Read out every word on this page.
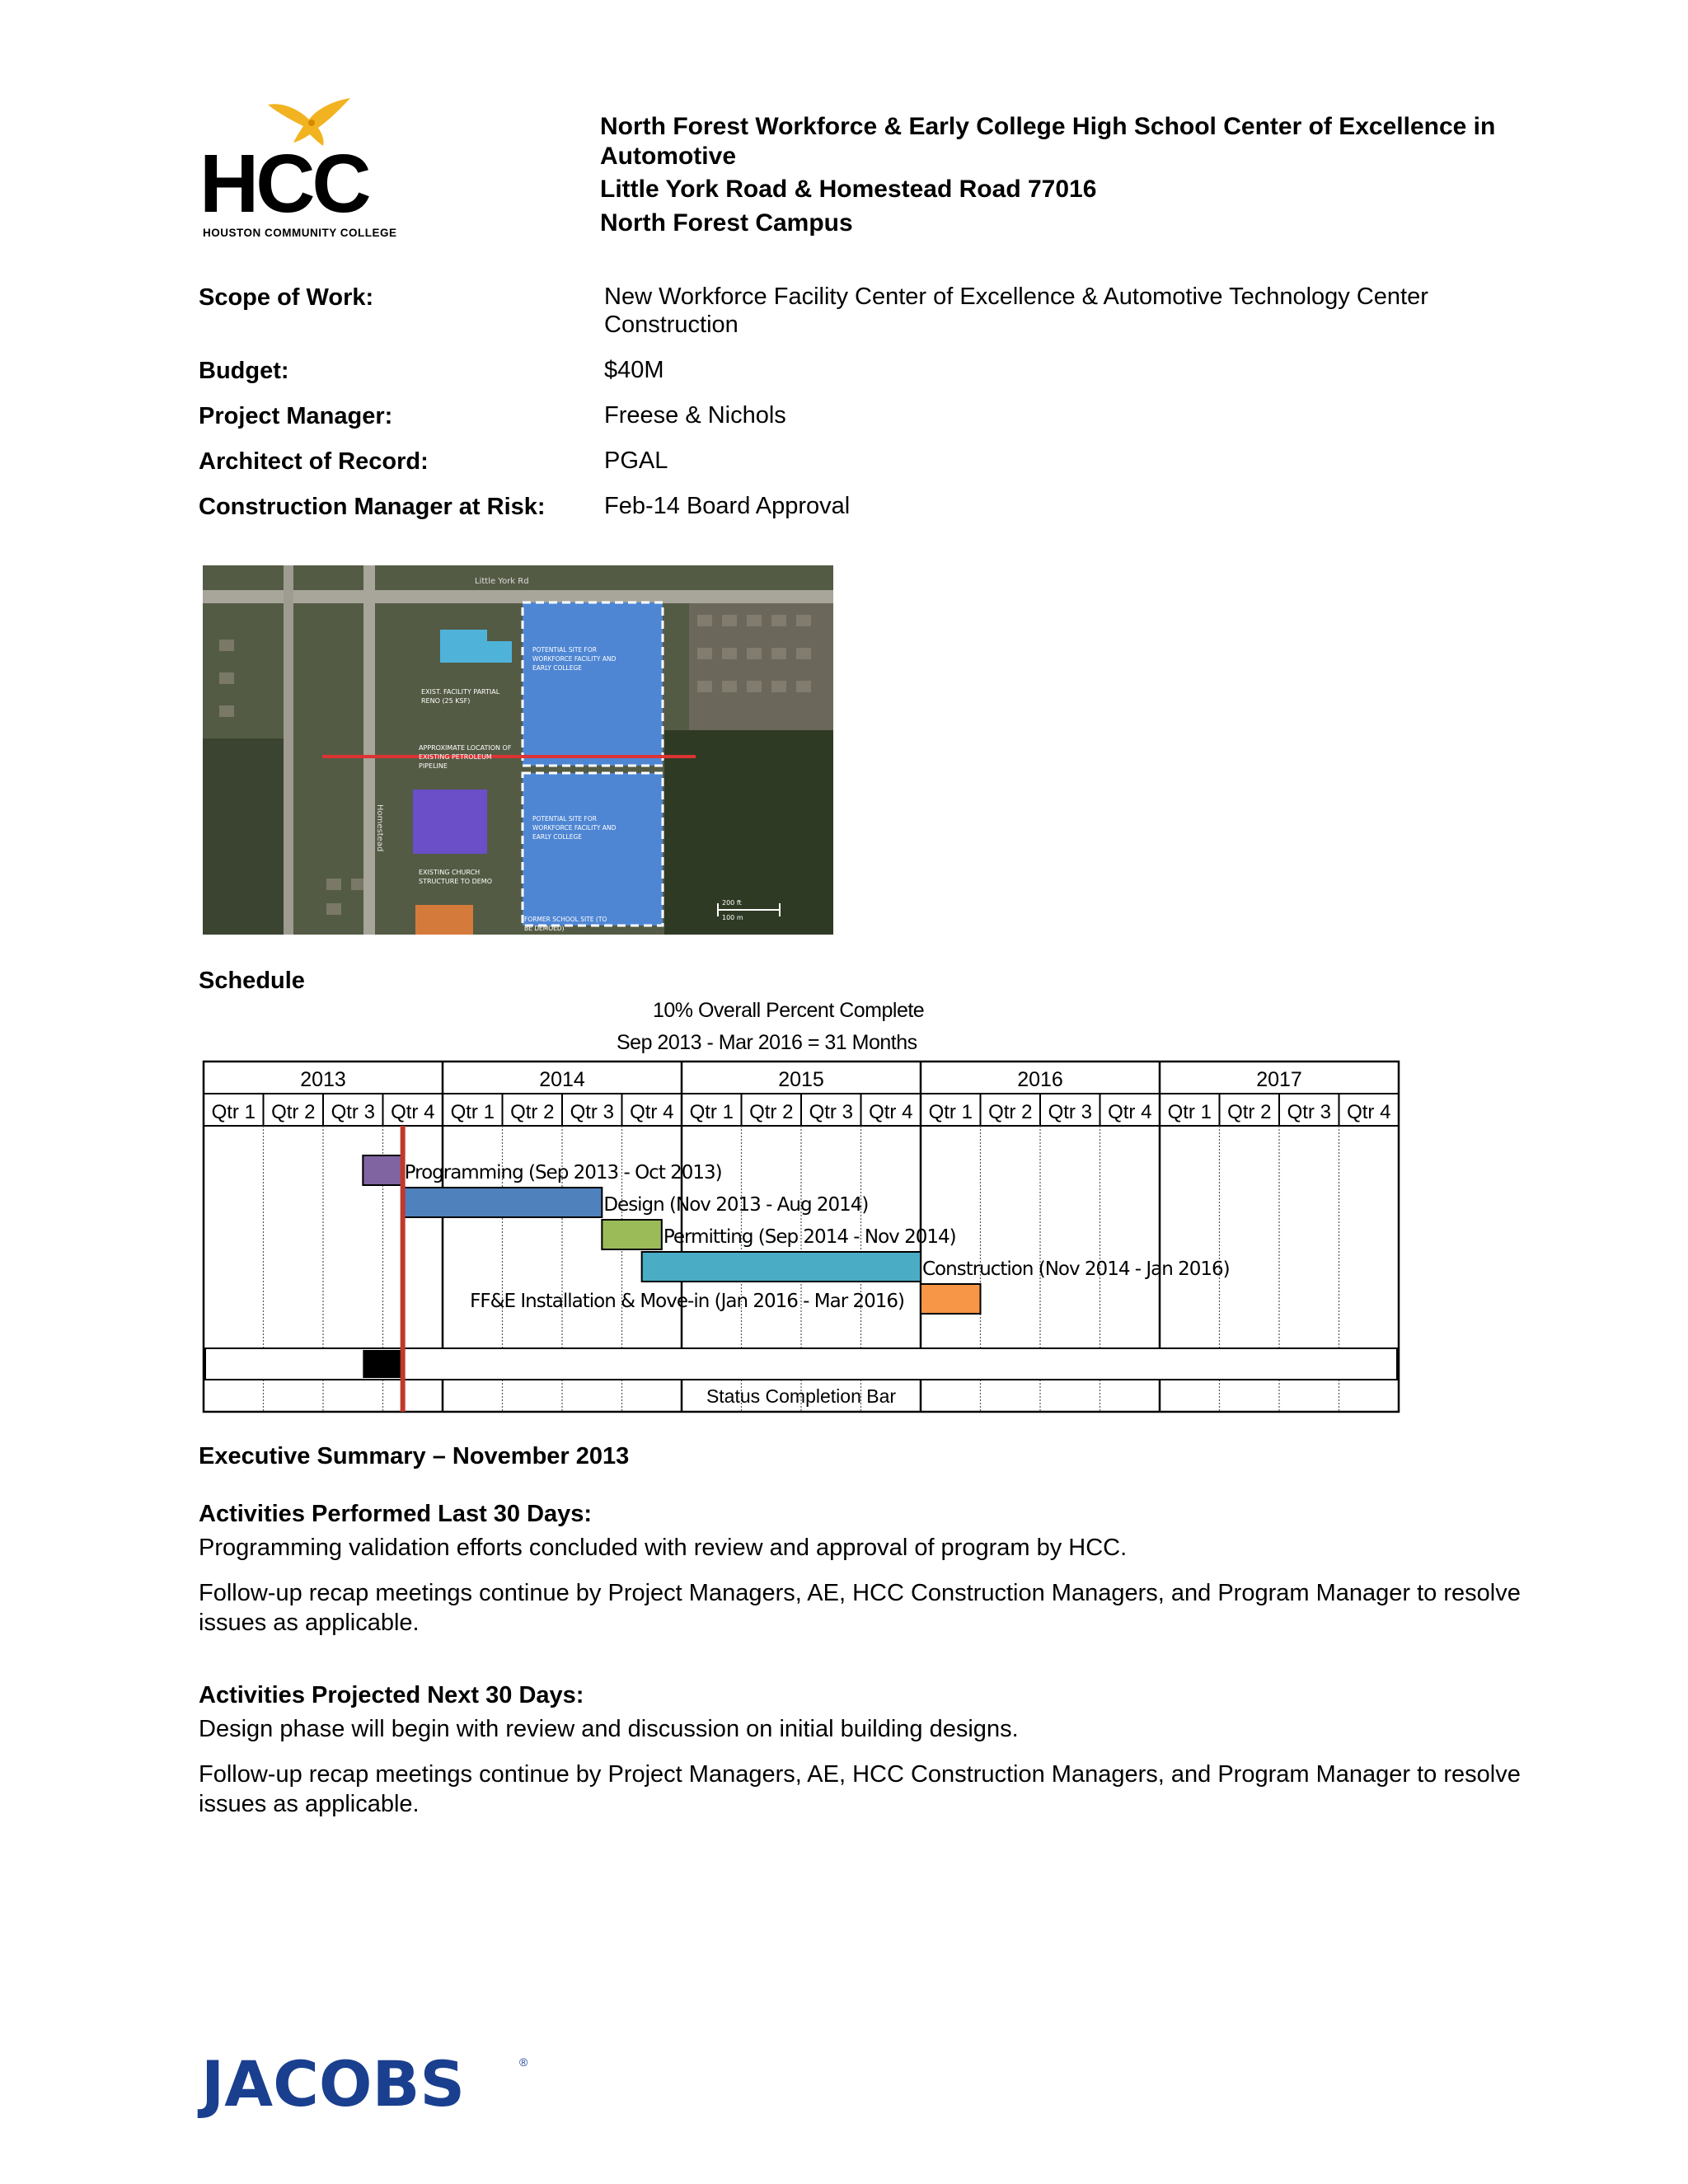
HCC
HOUSTON COMMUNITY COLLEGE
North Forest Workforce & Early College High School Center of Excellence in Automotive
Little York Road & Homestead Road 77016
North Forest Campus
Scope of Work:	New Workforce Facility Center of Excellence & Automotive Technology Center Construction
Budget:	$40M
Project Manager:	Freese & Nichols
Architect of Record:	PGAL
Construction Manager at Risk: Feb-14 Board Approval
Little York Rd
Homestead
EXIST. FACILITY PARTIAL RENO (25 KSF)
POTENTIAL SITE FOR WORKFORCE FACILITY AND EARLY COLLEGE
APPROXIMATE LOCATION OF EXISTING PETROLEUM PIPELINE
EXISTING CHURCH STRUCTURE TO DEMO
POTENTIAL SITE FOR WORKFORCE FACILITY AND EARLY COLLEGE
FORMER SCHOOL SITE (TO BE DEMOED)
200 ft
100 m
Schedule
10% Overall Percent Complete
Sep 2013 - Mar 2016 = 31 Months
2013	2014	2015	2016	2017
Qtr 1 Qtr 2 Qtr 3 Qtr 4 Qtr 1 Qtr 2 Qtr 3 Qtr 4 Qtr 1 Qtr 2 Qtr 3 Qtr 4 Qtr 1 Qtr 2 Qtr 3 Qtr 4 Qtr 1 Qtr 2 Qtr 3 Qtr 4
Status Completion Bar
Programming (Sep 2013 - Oct 2013)
Design (Nov 2013 - Aug 2014)
Permitting (Sep 2014 - Nov 2014)
Construction (Nov 2014 - Jan 2016)
FF&E Installation & Move-in (Jan 2016 - Mar 2016)
Executive Summary – November 2013
Activities Performed Last 30 Days:
Programming validation efforts concluded with review and approval of program by HCC.
Follow-up recap meetings continue by Project Managers, AE, HCC Construction Managers, and Program Manager to resolve issues as applicable.
Activities Projected Next 30 Days:
Design phase will begin with review and discussion on initial building designs.
Follow-up recap meetings continue by Project Managers, AE, HCC Construction Managers, and Program Manager to resolve issues as applicable.
JACOBS	®
